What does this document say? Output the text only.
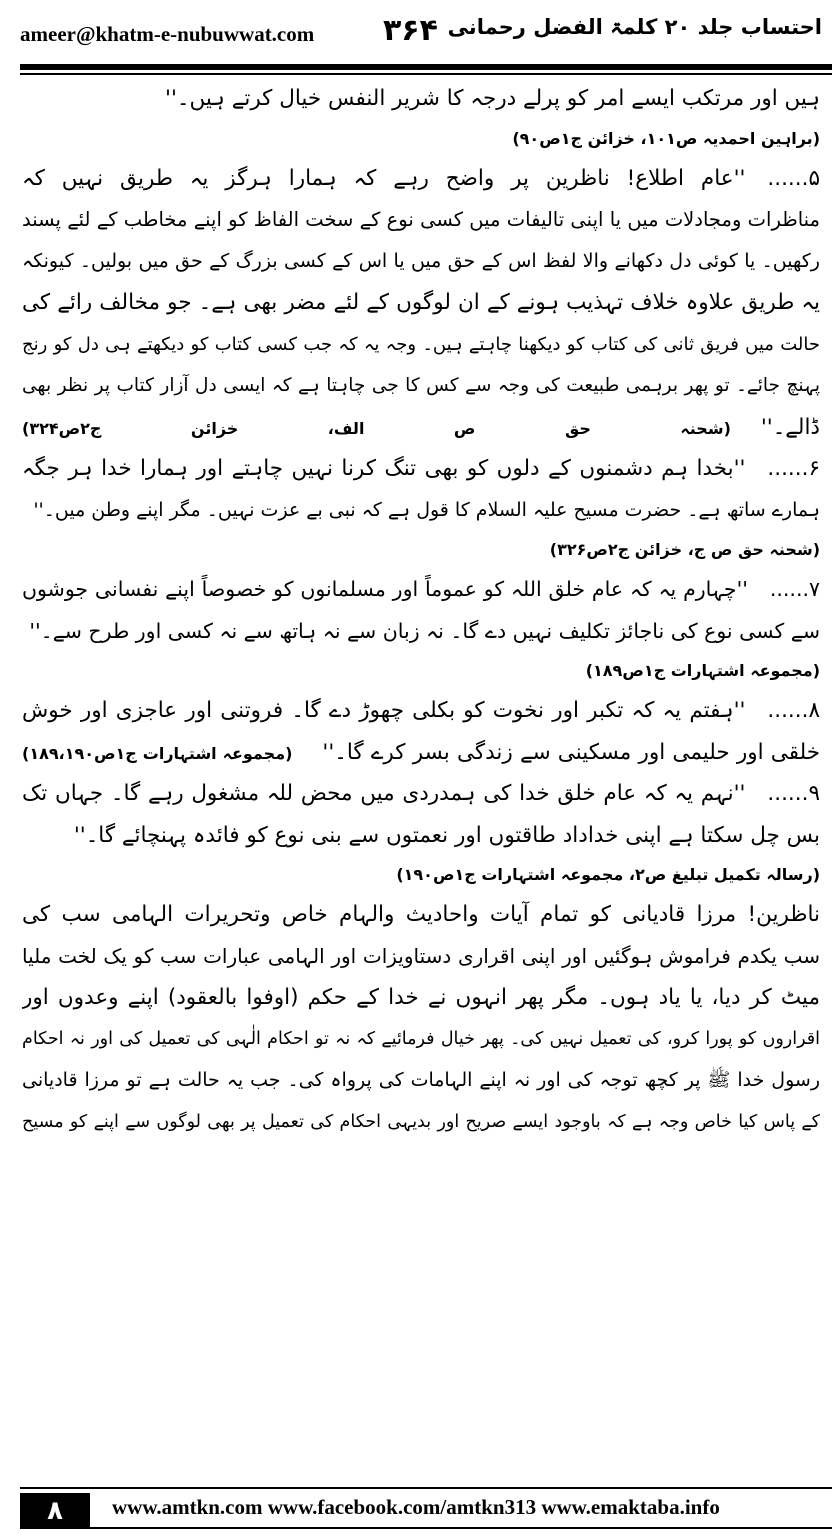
ameer@khatm-e-nubuwwat.com ۳۶۴ احتساب جلد ۲۰ کلمۃ الفضل رحمانی
ہیں اور مرتکب ایسے امر کو پرلے درجہ کا شریر النفس خیال کرتے ہیں۔''
(براہین احمدیہ ص۱۰۱، خزائن ج۱ص۹۰)
۵......''عام اطلاع! ناظرین پر واضح رہے کہ ہمارا ہرگز یہ طریق نہیں کہ
مناظرات ومجادلات میں یا اپنی تالیفات میں کسی نوع کے سخت الفاظ کو اپنے مخاطب کے لئے پسند
رکھیں۔ یا کوئی دل دکھانے والا لفظ اس کے حق میں یا اس کے کسی بزرگ کے حق میں بولیں۔ کیونکہ
یہ طریق علاوہ خلاف تہذیب ہونے کے ان لوگوں کے لئے مضر بھی ہے۔ جو مخالف رائے کی
حالت میں فریق ثانی کی کتاب کو دیکھنا چاہتے ہیں۔ وجہ یہ کہ جب کسی کتاب کو دیکھتے ہی دل کو رنج
پہنچ جائے۔ تو پھر برہمی طبیعت کی وجہ سے کس کا جی چاہتا ہے کہ ایسی دل آزار کتاب پر نظر بھی
ڈالے۔''(شحنہ حق ص الف، خزائن ج۲ص۳۲۴)
۶......''بخدا ہم دشمنوں کے دلوں کو بھی تنگ کرنا نہیں چاہتے اور ہمارا خدا ہر جگہ
ہمارے ساتھ ہے۔ حضرت مسیح علیہ السلام کا قول ہے کہ نبی بے عزت نہیں۔ مگر اپنے وطن میں۔''
(شحنہ حق ص ج، خزائن ج۲ص۳۲۶)
۷......''چہارم یہ کہ عام خلق اللہ کو عموماً اور مسلمانوں کو خصوصاً اپنے نفسانی جوشوں
سے کسی نوع کی ناجائز تکلیف نہیں دے گا۔ نہ زبان سے نہ ہاتھ سے نہ کسی اور طرح سے۔''
(مجموعہ اشتہارات ج۱ص۱۸۹)
۸......''ہفتم یہ کہ تکبر اور نخوت کو بکلی چھوڑ دے گا۔ فروتنی اور عاجزی اور خوش
خلقی اور حلیمی اور مسکینی سے زندگی بسر کرے گا۔''(مجموعہ اشتہارات ج۱ص۱۸۹،۱۹۰)
۹......''نہم یہ کہ عام خلق خدا کی ہمدردی میں محض للہ مشغول رہے گا۔ جہاں تک
بس چل سکتا ہے اپنی خداداد طاقتوں اور نعمتوں سے بنی نوع کو فائدہ پہنچائے گا۔''
(رسالہ تکمیل تبلیغ ص۲، مجموعہ اشتہارات ج۱ص۱۹۰)
ناظرین! مرزا قادیانی کو تمام آیات واحادیث والہام خاص وتحریرات الہامی سب کی
سب یکدم فراموش ہوگئیں اور اپنی اقراری دستاویزات اور الہامی عبارات سب کو یک لخت ملیا
میٹ کر دیا، یا یاد ہوں۔ مگر پھر انہوں نے خدا کے حکم (اوفوا بالعقود) اپنے وعدوں اور
اقراروں کو پورا کرو، کی تعمیل نہیں کی۔ پھر خیال فرمائیے کہ نہ تو احکام الٰہی کی تعمیل کی اور نہ احکام
رسول خدا ﷺ پر کچھ توجہ کی اور نہ اپنے الہامات کی پرواہ کی۔ جب یہ حالت ہے تو مرزا قادیانی
کے پاس کیا خاص وجہ ہے کہ باوجود ایسے صریح اور بدیہی احکام کی تعمیل پر بھی لوگوں سے اپنے کو مسیح
۸	www.amtkn.com www.facebook.com/amtkn313 www.emaktaba.info
